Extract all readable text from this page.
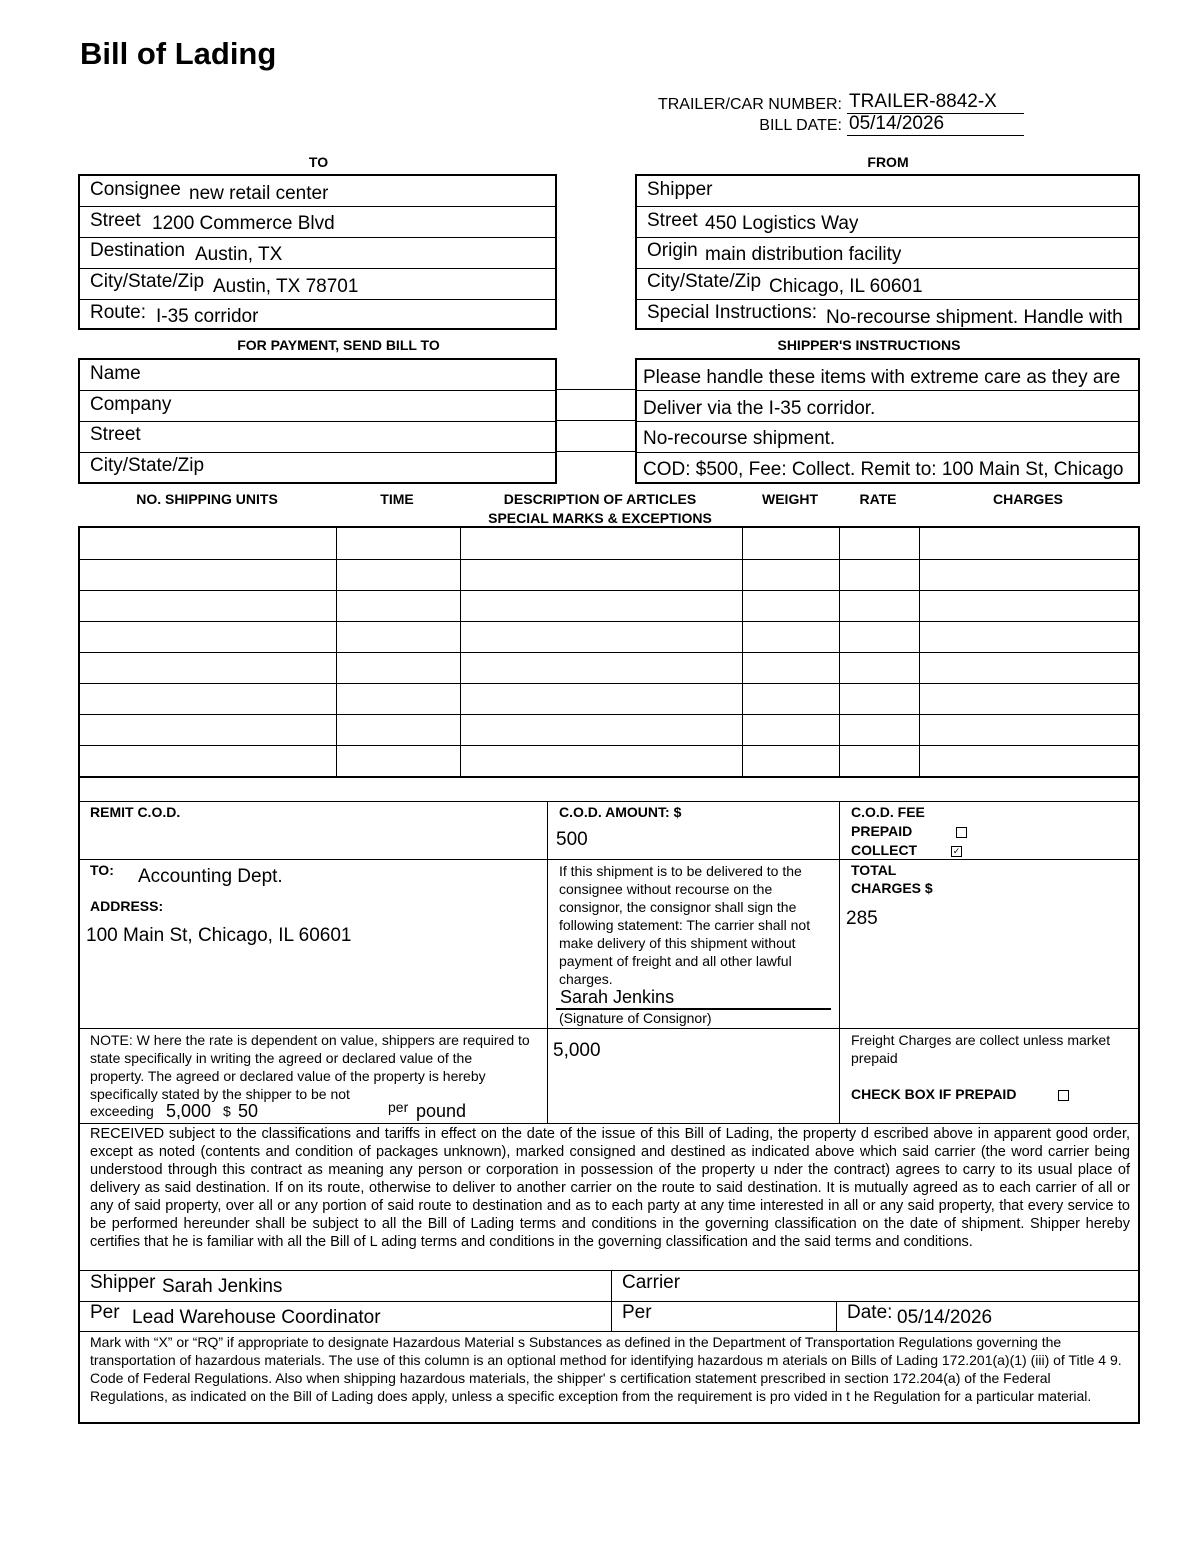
Bill of Lading
TRAILER/CAR NUMBER: TRAILER-8842-X
BILL DATE: 05/14/2026
TO	FROM
Consignee new retail center
Street 1200 Commerce Blvd
Destination Austin, TX
City/State/Zip Austin, TX 78701
Route: I-35 corridor
Shipper
Street 450 Logistics Way
Origin main distribution facility
City/State/Zip Chicago, IL 60601
Special Instructions: No-recourse shipment. Handle with
FOR PAYMENT, SEND BILL TO	SHIPPER'S INSTRUCTIONS
Name
Company
Street
City/State/Zip
Please handle these items with extreme care as they are
Deliver via the I-35 corridor.
No-recourse shipment.
COD: $500, Fee: Collect. Remit to: 100 Main St, Chicago
NO. SHIPPING UNITS	TIME	DESCRIPTION OF ARTICLES
SPECIAL MARKS & EXCEPTIONS
WEIGHT	RATE	CHARGES
REMIT C.O.D.	C.O.D. AMOUNT: $
500
C.O.D. FEE
PREPAID
COLLECT	✓
TO: Accounting Dept.
ADDRESS:
100 Main St, Chicago, IL 60601
If this shipment is to be delivered to the consignee without recourse on the consignor, the consignor shall sign the following statement: The carrier shall not make delivery of this shipment without payment of freight and all other lawful charges.
Sarah Jenkins
(Signature of Consignor)
TOTAL
CHARGES $
285
NOTE: W here the rate is dependent on value, shippers are required to state specifically in writing the agreed or declared value of the property. The agreed or declared value of the property is hereby specifically stated by the shipper to be not
exceeding 5,000 $ 50	per pound
5,000	Freight Charges are collect unless market prepaid
CHECK BOX IF PREPAID
RECEIVED subject to the classifications and tariffs in effect on the date of the issue of this Bill of Lading, the property d escribed above in apparent good order, except as noted (contents and condition of packages unknown), marked consigned and destined as indicated above which said carrier (the word carrier being understood through this contract as meaning any person or corporation in possession of the property u nder the contract) agrees to carry to its usual place of delivery as said destination. If on its route, otherwise to deliver to another carrier on the route to said destination. It is mutually agreed as to each carrier of all or any of said property, over all or any portion of said route to destination and as to each party at any time interested in all or any said property, that every service to be performed hereunder shall be subject to all the Bill of Lading terms and conditions in the governing classification on the date of shipment. Shipper hereby certifies that he is familiar with all the Bill of L ading terms and conditions in the governing classification and the said terms and conditions.
Shipper Sarah Jenkins	Carrier
Per Lead Warehouse Coordinator	Per	Date: 05/14/2026
Mark with “X” or “RQ” if appropriate to designate Hazardous Material s Substances as defined in the Department of Transportation Regulations governing the transportation of hazardous materials. The use of this column is an optional method for identifying hazardous m aterials on Bills of Lading 172.201(a)(1) (iii) of Title 4 9. Code of Federal Regulations. Also when shipping hazardous materials, the shipper' s certification statement prescribed in section 172.204(a) of the Federal Regulations, as indicated on the Bill of Lading does apply, unless a specific exception from the requirement is pro vided in t he Regulation for a particular material.
